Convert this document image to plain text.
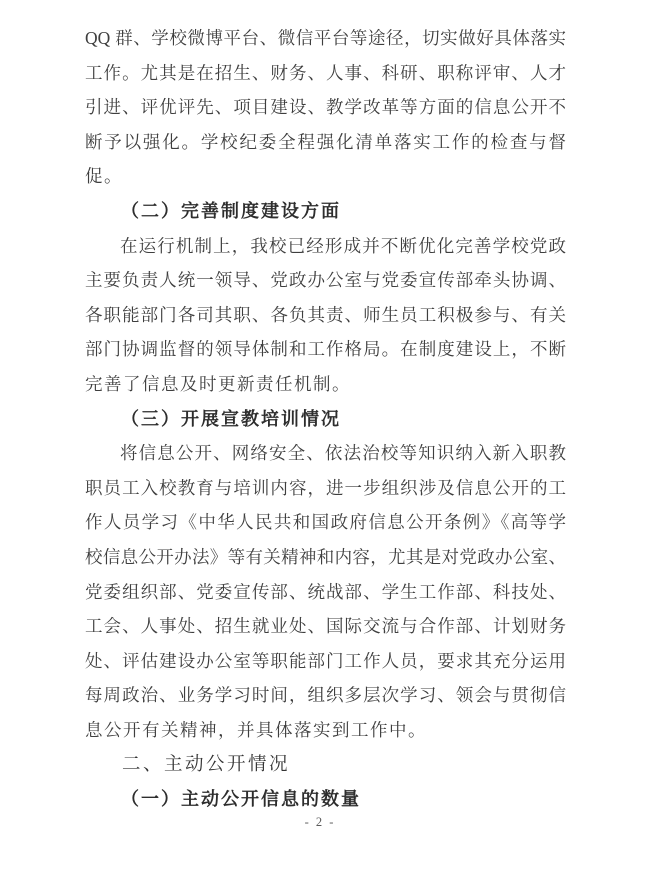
QQ 群、学校微博平台、微信平台等途径，切实做好具体落实
工作。尤其是在招生、财务、人事、科研、职称评审、人才
引进、评优评先、项目建设、教学改革等方面的信息公开不
断予以强化。学校纪委全程强化清单落实工作的检查与督
促。
（二）完善制度建设方面
在运行机制上，我校已经形成并不断优化完善学校党政
主要负责人统一领导、党政办公室与党委宣传部牵头协调、
各职能部门各司其职、各负其责、师生员工积极参与、有关
部门协调监督的领导体制和工作格局。在制度建设上，不断
完善了信息及时更新责任机制。
（三）开展宣教培训情况
将信息公开、网络安全、依法治校等知识纳入新入职教
职员工入校教育与培训内容，进一步组织涉及信息公开的工
作人员学习《中华人民共和国政府信息公开条例》《高等学
校信息公开办法》等有关精神和内容，尤其是对党政办公室、
党委组织部、党委宣传部、统战部、学生工作部、科技处、
工会、人事处、招生就业处、国际交流与合作部、计划财务
处、评估建设办公室等职能部门工作人员，要求其充分运用
每周政治、业务学习时间，组织多层次学习、领会与贯彻信
息公开有关精神，并具体落实到工作中。
二、主动公开情况
（一）主动公开信息的数量
- 2 -
